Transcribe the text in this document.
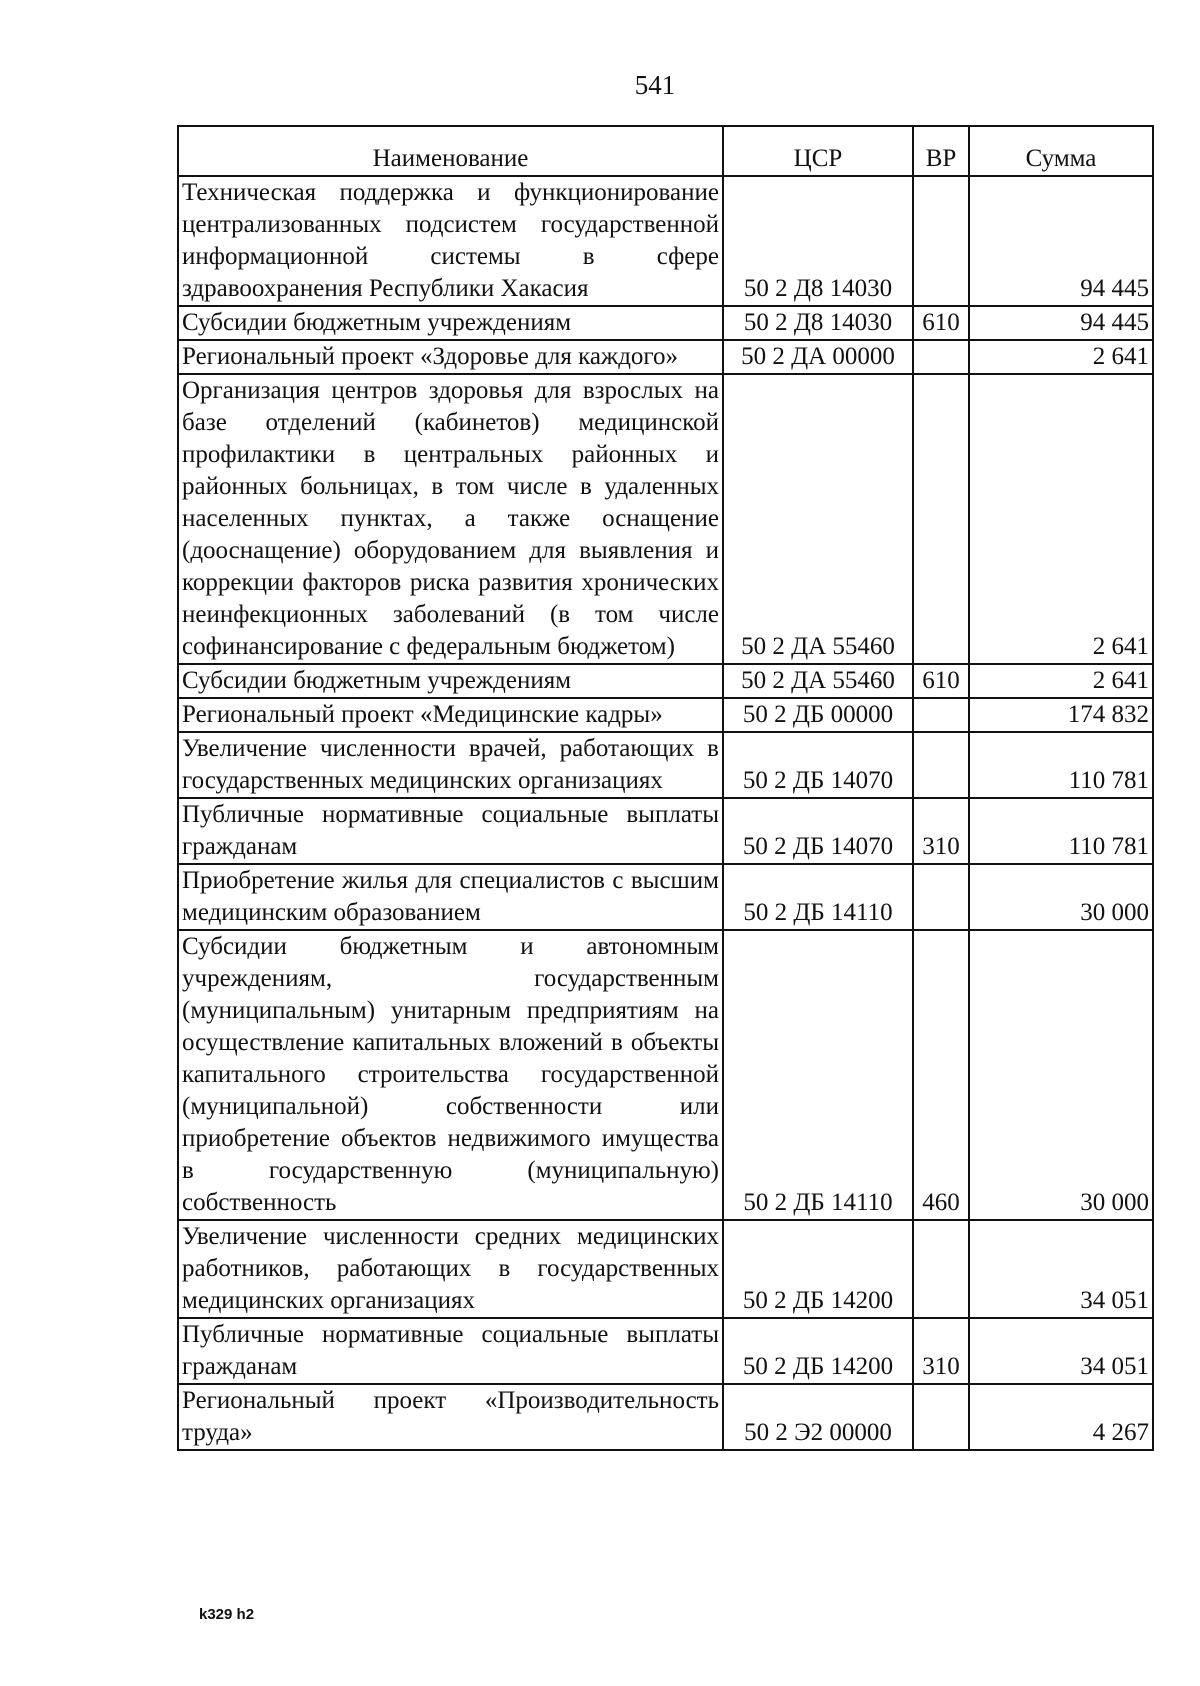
541
Наименование	ЦСР	ВР	Сумма
Техническая поддержка и функционирование централизованных подсистем государственной информационной системы в сфере здравоохранения Республики Хакасия	50 2 Д8 14030		94 445
Субсидии бюджетным учреждениям	50 2 Д8 14030	610	94 445
Региональный проект «Здоровье для каждого»	50 2 ДА 00000		2 641
Организация центров здоровья для взрослых на базе отделений (кабинетов) медицинской профилактики в центральных районных и районных больницах, в том числе в удаленных населенных пунктах, а также оснащение (дооснащение) оборудованием для выявления и коррекции факторов риска развития хронических неинфекционных заболеваний (в том числе софинансирование с федеральным бюджетом)	50 2 ДА 55460		2 641
Субсидии бюджетным учреждениям	50 2 ДА 55460	610	2 641
Региональный проект «Медицинские кадры»	50 2 ДБ 00000		174 832
Увеличение численности врачей, работающих в государственных медицинских организациях	50 2 ДБ 14070		110 781
Публичные нормативные социальные выплаты гражданам	50 2 ДБ 14070	310	110 781
Приобретение жилья для специалистов с высшим медицинским образованием	50 2 ДБ 14110		30 000
Субсидии бюджетным и автономным учреждениям, государственным (муниципальным) унитарным предприятиям на осуществление капитальных вложений в объекты капитального строительства государственной (муниципальной) собственности или приобретение объектов недвижимого имущества в государственную (муниципальную) собственность	50 2 ДБ 14110	460	30 000
Увеличение численности средних медицинских работников, работающих в государственных медицинских организациях	50 2 ДБ 14200		34 051
Публичные нормативные социальные выплаты гражданам	50 2 ДБ 14200	310	34 051
Региональный проект «Производительность труда»	50 2 Э2 00000		4 267
k329 h2
